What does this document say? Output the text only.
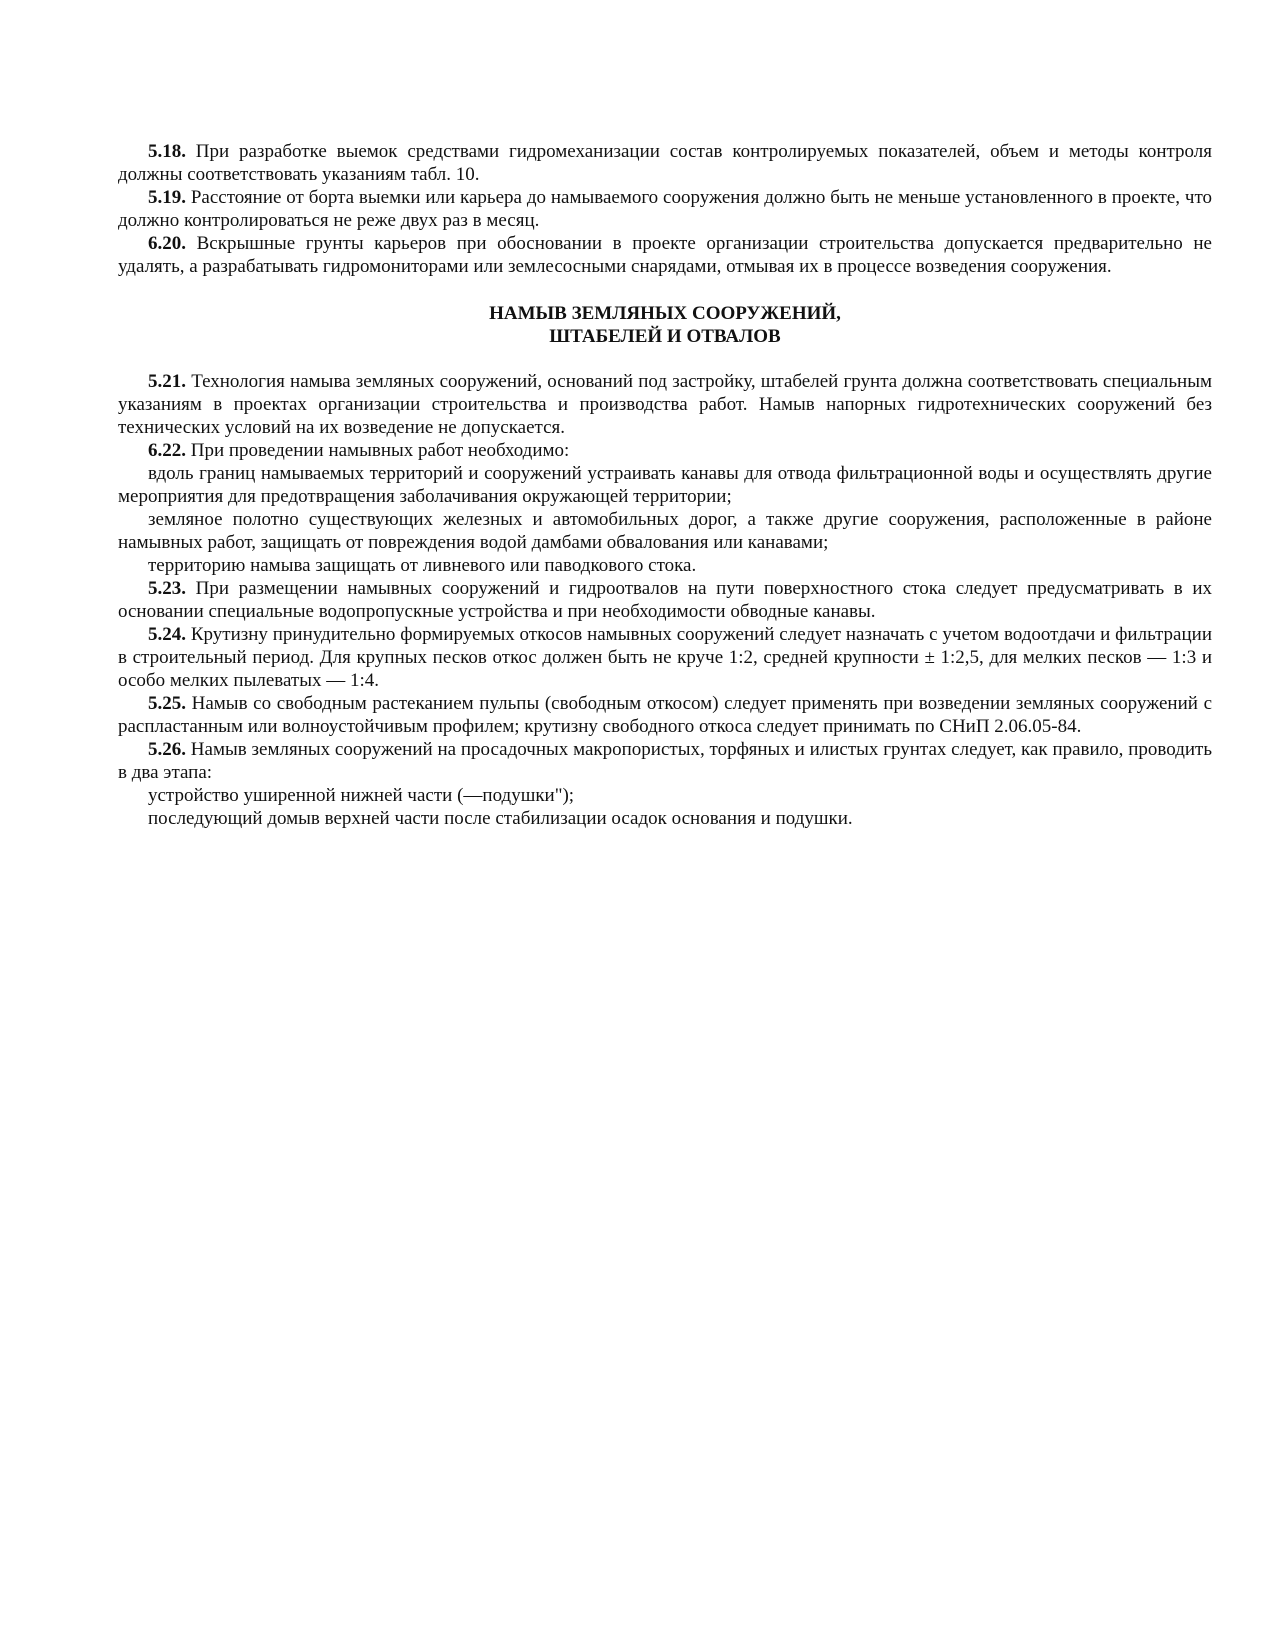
5.18. При разработке выемок средствами гидромеханизации состав контролируемых показателей, объем и методы контроля должны соответствовать указаниям табл. 10.

5.19. Расстояние от борта выемки или карьера до намываемого сооружения должно быть не меньше установленного в проекте, что должно контролироваться не реже двух раз в месяц.

6.20. Вскрышные грунты карьеров при обосновании в проекте организации строительства допускается предварительно не удалять, а разрабатывать гидромониторами или землесосными снарядами, отмывая их в процессе возведения сооружения.

НАМЫВ ЗЕМЛЯНЫХ СООРУЖЕНИЙ,
ШТАБЕЛЕЙ И ОТВАЛОВ

5.21. Технология намыва земляных сооружений, оснований под застройку, штабелей грунта должна соответствовать специальным указаниям в проектах организации строительства и производства работ. Намыв напорных гидротехнических сооружений без технических условий на их возведение не допускается.

6.22. При проведении намывных работ необходимо:

вдоль границ намываемых территорий и сооружений устраивать канавы для отвода фильтрационной воды и осуществлять другие мероприятия для предотвращения заболачивания окружающей территории;

земляное полотно существующих железных и автомобильных дорог, а также другие сооружения, расположенные в районе намывных работ, защищать от повреждения водой дамбами обвалования или канавами;

территорию намыва защищать от ливневого или паводкового стока.

5.23. При размещении намывных сооружений и гидроотвалов на пути поверхностного стока следует предусматривать в их основании специальные водопропускные устройства и при необходимости обводные канавы.

5.24. Крутизну принудительно формируемых откосов намывных сооружений следует назначать с учетом водоотдачи и фильтрации в строительный период. Для крупных песков откос должен быть не круче 1:2, средней крупности ± 1:2,5, для мелких песков — 1:3 и особо мелких пылеватых — 1:4.

5.25. Намыв со свободным растеканием пульпы (свободным откосом) следует применять при возведении земляных сооружений с распластанным или волноустойчивым профилем; крутизну свободного откоса следует принимать по СНиП 2.06.05-84.

5.26. Намыв земляных сооружений на просадочных макропористых, торфяных и илистых грунтах следует, как правило, проводить в два этапа:

устройство уширенной нижней части (—подушки");

последующий домыв верхней части после стабилизации осадок основания и подушки.
